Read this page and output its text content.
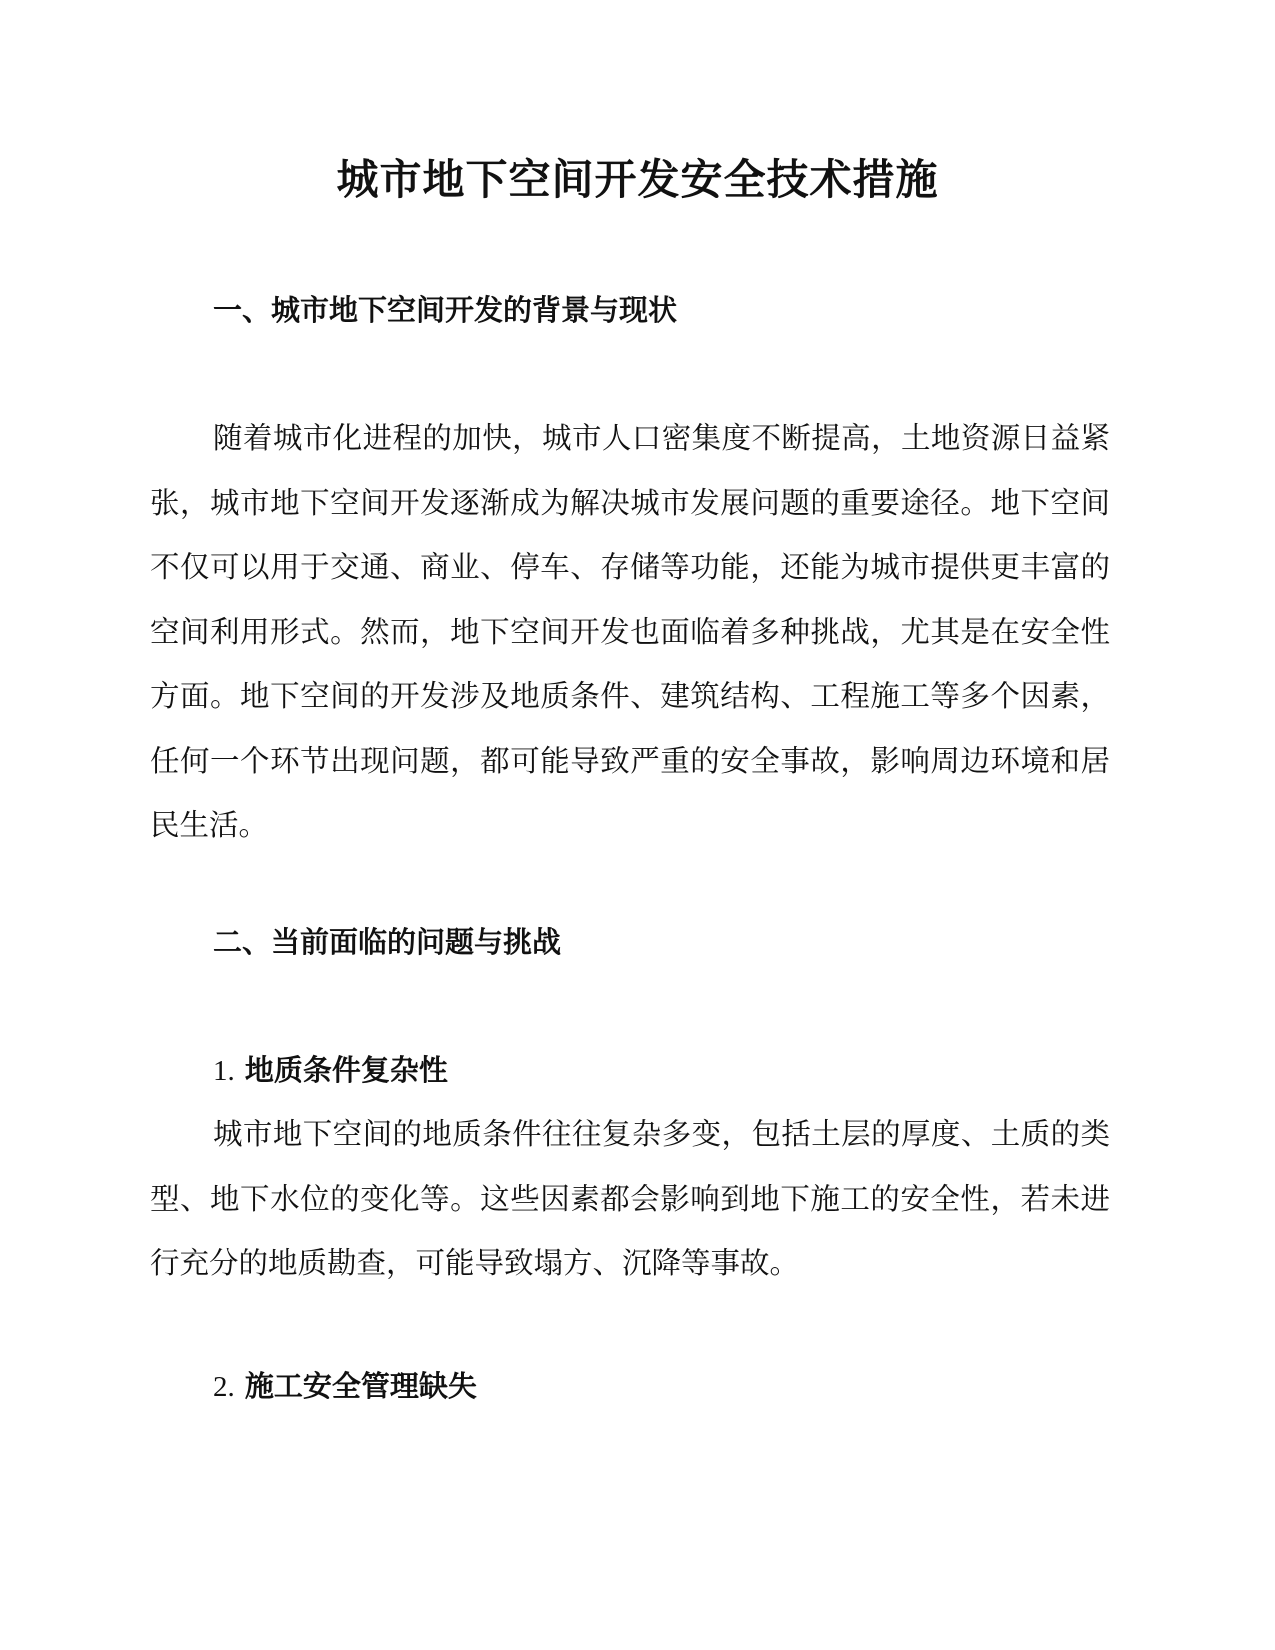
城市地下空间开发安全技术措施
一、城市地下空间开发的背景与现状

随着城市化进程的加快，城市人口密集度不断提高，土地资源日益紧张，城市地下空间开发逐渐成为解决城市发展问题的重要途径。地下空间不仅可以用于交通、商业、停车、存储等功能，还能为城市提供更丰富的空间利用形式。然而，地下空间开发也面临着多种挑战，尤其是在安全性方面。地下空间的开发涉及地质条件、建筑结构、工程施工等多个因素，任何一个环节出现问题，都可能导致严重的安全事故，影响周边环境和居民生活。

二、当前面临的问题与挑战
1. 地质条件复杂性

城市地下空间的地质条件往往复杂多变，包括土层的厚度、土质的类型、地下水位的变化等。这些因素都会影响到地下施工的安全性，若未进行充分的地质勘查，可能导致塌方、沉降等事故。

2. 施工安全管理缺失
